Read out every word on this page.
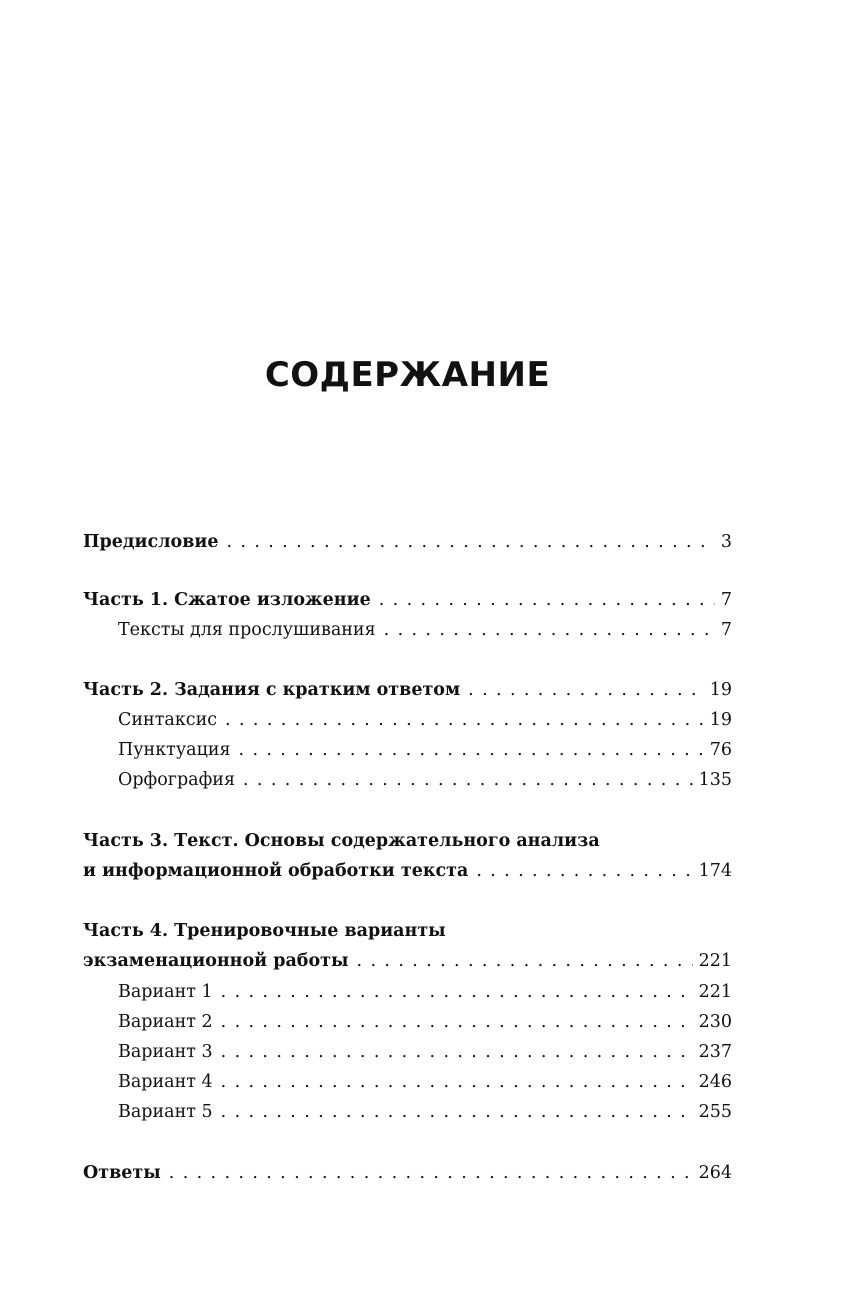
СОДЕРЖАНИЕ
Предисловие . . .	3
Часть 1. Сжатое изложение . . .	7
Тексты для прослушивания . . .	7
Часть 2. Задания с кратким ответом . . .	19
Синтаксис . . .	19
Пунктуация . . .	76
Орфография . . .	135
Часть 3. Текст. Основы содержательного анализа
и информационной обработки текста . . .	174
Часть 4. Тренировочные варианты
экзаменационной работы . . .	221
Вариант 1 . . .	221
Вариант 2 . . .	230
Вариант 3 . . .	237
Вариант 4 . . .	246
Вариант 5 . . .	255
Ответы . . .	264
